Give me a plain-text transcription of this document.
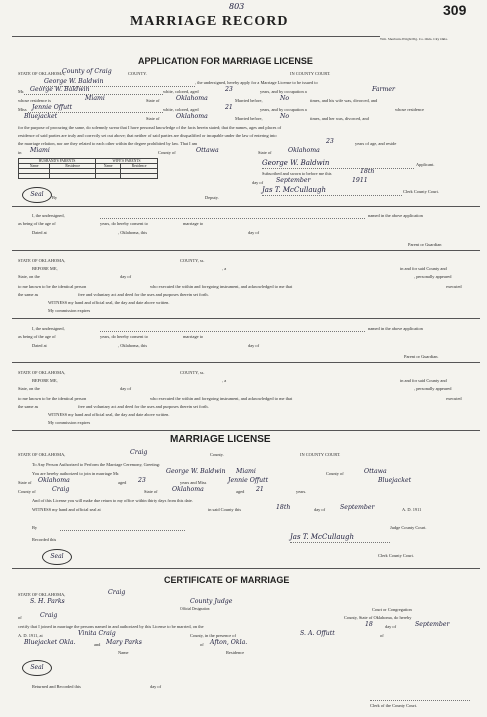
803	309
MARRIAGE RECORD
Wm. Sherburn-Wright Pig. Co. Okla. City Okla.
APPLICATION FOR MARRIAGE LICENSE
STATE OF OKLAHOMA,
County of Craig	COUNTY.	IN COUNTY COURT.
George W. Baldwin	, the undersigned, hereby apply for a Marriage License to be issued to
Mr. George W. Baldwin	white, colored, aged	23	years, and by occupation a	Farmer
whose residence is	Miami	State of	Oklahoma	Married before,	No	times, and his wife was, divorced, and
Miss Jennie Offutt	white, colored, aged	21	years, and by occupation a	whose residence
Bluejacket	State of	Oklahoma	Married before,	No	times, and her was, divorced, and
for the purpose of procuring the same, do solemnly swear that I have personal knowledge of the facts herein stated; that the names, ages and places of
residence of said parties are truly and correctly set out above; that neither of said parties are disqualified or incapable under the law of entering into
the marriage relation, nor are they related to each other within the degree prohibited by law. That I am	23	years of age, and reside
in Miami	County of	Ottawa	State of	Oklahoma
HUSBAND'S PARENTS		WIFE'S PARENTS	
Name	Residence	Name	Residence

				George W. Baldwin	Applicant.
Subscribed and sworn to before me this	18th
day of September	1911
Jas T. McCullaugh	Clerk County Court.
Seal	By	Deputy.
I, the undersigned,	named in the above application
as being of the age of	years, do hereby consent to	marriage to
Dated at	, Oklahoma, this	day of
Parent or Guardian
STATE OF OKLAHOMA,	COUNTY, ss.
BEFORE ME,	, a	in and for said County and
State, on the	day of	, personally appeared
to me known to be the identical person	who executed the within and foregoing instrument, and acknowledged to me that	executed
the same as	free and voluntary act and deed for the uses and purposes therein set forth.
WITNESS my hand and official seal, the day and date above written.
My commission expires
I, the undersigned,	named in the above application
as being of the age of	years, do hereby consent to	marriage to
Dated at	, Oklahoma, this	day of
Parent or Guardian.
STATE OF OKLAHOMA,	COUNTY, ss.
BEFORE ME,	, a	in and for said County and
State, on the	day of	, personally appeared
to me known to be the identical person	who executed the within and foregoing instrument, and acknowledged to me that	executed
the same as	free and voluntary act and deed for the uses and purposes therein set forth.
WITNESS my hand and official seal, the day and date above written.
My commission expires
MARRIAGE LICENSE
STATE OF OKLAHOMA,	Craig	County.	IN COUNTY COURT.
To Any Person Authorized to Perform the Marriage Ceremony, Greeting:
You are hereby authorized to join in marriage Mr.	George W. Baldwin Miami	County of	Ottawa
State of Oklahoma	aged 23	years and Miss	Jennie Offutt	Bluejacket
County of	Craig	State of Oklahoma	aged 21	years.
And of this License you will make due return to my office within thirty days from this date.
WITNESS my hand and official seal at	in said County this	18th	day of September	A. D. 1911
By	Judge County Court.
Recorded this	Jas T. McCullaugh
Seal	Clerk County Court.
CERTIFICATE OF MARRIAGE
STATE OF OKLAHOMA,	Craig
S. H. Parks	County Judge
Official Designation	Court or Congregation
of	Craig	County, State of Oklahoma, do hereby
certify that I joined in marriage the persons named in and authorized by this License to be married, on the	18	day of	September
A. D. 1911, at	Vinita Craig	County, in the presence of	S. A. Offutt	of
Bluejacket Okla.	and Mary Parks	of Afton, Okla.
Name	Residence
Seal
Returned and Recorded this	day of
Clerk of the County Court.
